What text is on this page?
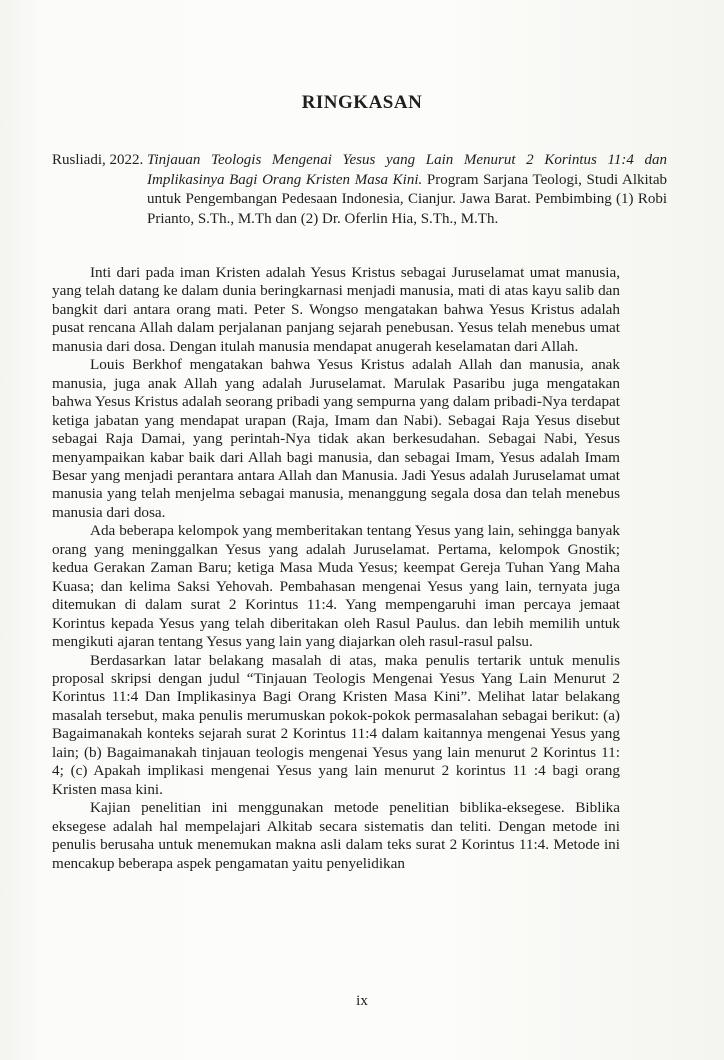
RINGKASAN
Rusliadi, 2022. Tinjauan Teologis Mengenai Yesus yang Lain Menurut 2 Korintus 11:4 dan Implikasinya Bagi Orang Kristen Masa Kini. Program Sarjana Teologi, Studi Alkitab untuk Pengembangan Pedesaan Indonesia, Cianjur. Jawa Barat. Pembimbing (1) Robi Prianto, S.Th., M.Th dan (2) Dr. Oferlin Hia, S.Th., M.Th.

Inti dari pada iman Kristen adalah Yesus Kristus sebagai Juruselamat umat manusia, yang telah datang ke dalam dunia beringkarnasi menjadi manusia, mati di atas kayu salib dan bangkit dari antara orang mati. Peter S. Wongso mengatakan bahwa Yesus Kristus adalah pusat rencana Allah dalam perjalanan panjang sejarah penebusan. Yesus telah menebus umat manusia dari dosa. Dengan itulah manusia mendapat anugerah keselamatan dari Allah.

Louis Berkhof mengatakan bahwa Yesus Kristus adalah Allah dan manusia, anak manusia, juga anak Allah yang adalah Juruselamat. Marulak Pasaribu juga mengatakan bahwa Yesus Kristus adalah seorang pribadi yang sempurna yang dalam pribadi-Nya terdapat ketiga jabatan yang mendapat urapan (Raja, Imam dan Nabi). Sebagai Raja Yesus disebut sebagai Raja Damai, yang perintah-Nya tidak akan berkesudahan. Sebagai Nabi, Yesus menyampaikan kabar baik dari Allah bagi manusia, dan sebagai Imam, Yesus adalah Imam Besar yang menjadi perantara antara Allah dan Manusia. Jadi Yesus adalah Juruselamat umat manusia yang telah menjelma sebagai manusia, menanggung segala dosa dan telah menebus manusia dari dosa.

Ada beberapa kelompok yang memberitakan tentang Yesus yang lain, sehingga banyak orang yang meninggalkan Yesus yang adalah Juruselamat. Pertama, kelompok Gnostik; kedua Gerakan Zaman Baru; ketiga Masa Muda Yesus; keempat Gereja Tuhan Yang Maha Kuasa; dan kelima Saksi Yehovah. Pembahasan mengenai Yesus yang lain, ternyata juga ditemukan di dalam surat 2 Korintus 11:4. Yang mempengaruhi iman percaya jemaat Korintus kepada Yesus yang telah diberitakan oleh Rasul Paulus. dan lebih memilih untuk mengikuti ajaran tentang Yesus yang lain yang diajarkan oleh rasul-rasul palsu.

Berdasarkan latar belakang masalah di atas, maka penulis tertarik untuk menulis proposal skripsi dengan judul “Tinjauan Teologis Mengenai Yesus Yang Lain Menurut 2 Korintus 11:4 Dan Implikasinya Bagi Orang Kristen Masa Kini”. Melihat latar belakang masalah tersebut, maka penulis merumuskan pokok-pokok permasalahan sebagai berikut: (a) Bagaimanakah konteks sejarah surat 2 Korintus 11:4 dalam kaitannya mengenai Yesus yang lain; (b) Bagaimanakah tinjauan teologis mengenai Yesus yang lain menurut 2 Korintus 11: 4; (c) Apakah implikasi mengenai Yesus yang lain menurut 2 korintus 11 :4 bagi orang Kristen masa kini.

Kajian penelitian ini menggunakan metode penelitian biblika-eksegese. Biblika eksegese adalah hal mempelajari Alkitab secara sistematis dan teliti. Dengan metode ini penulis berusaha untuk menemukan makna asli dalam teks surat 2 Korintus 11:4. Metode ini mencakup beberapa aspek pengamatan yaitu penyelidikan

ix
